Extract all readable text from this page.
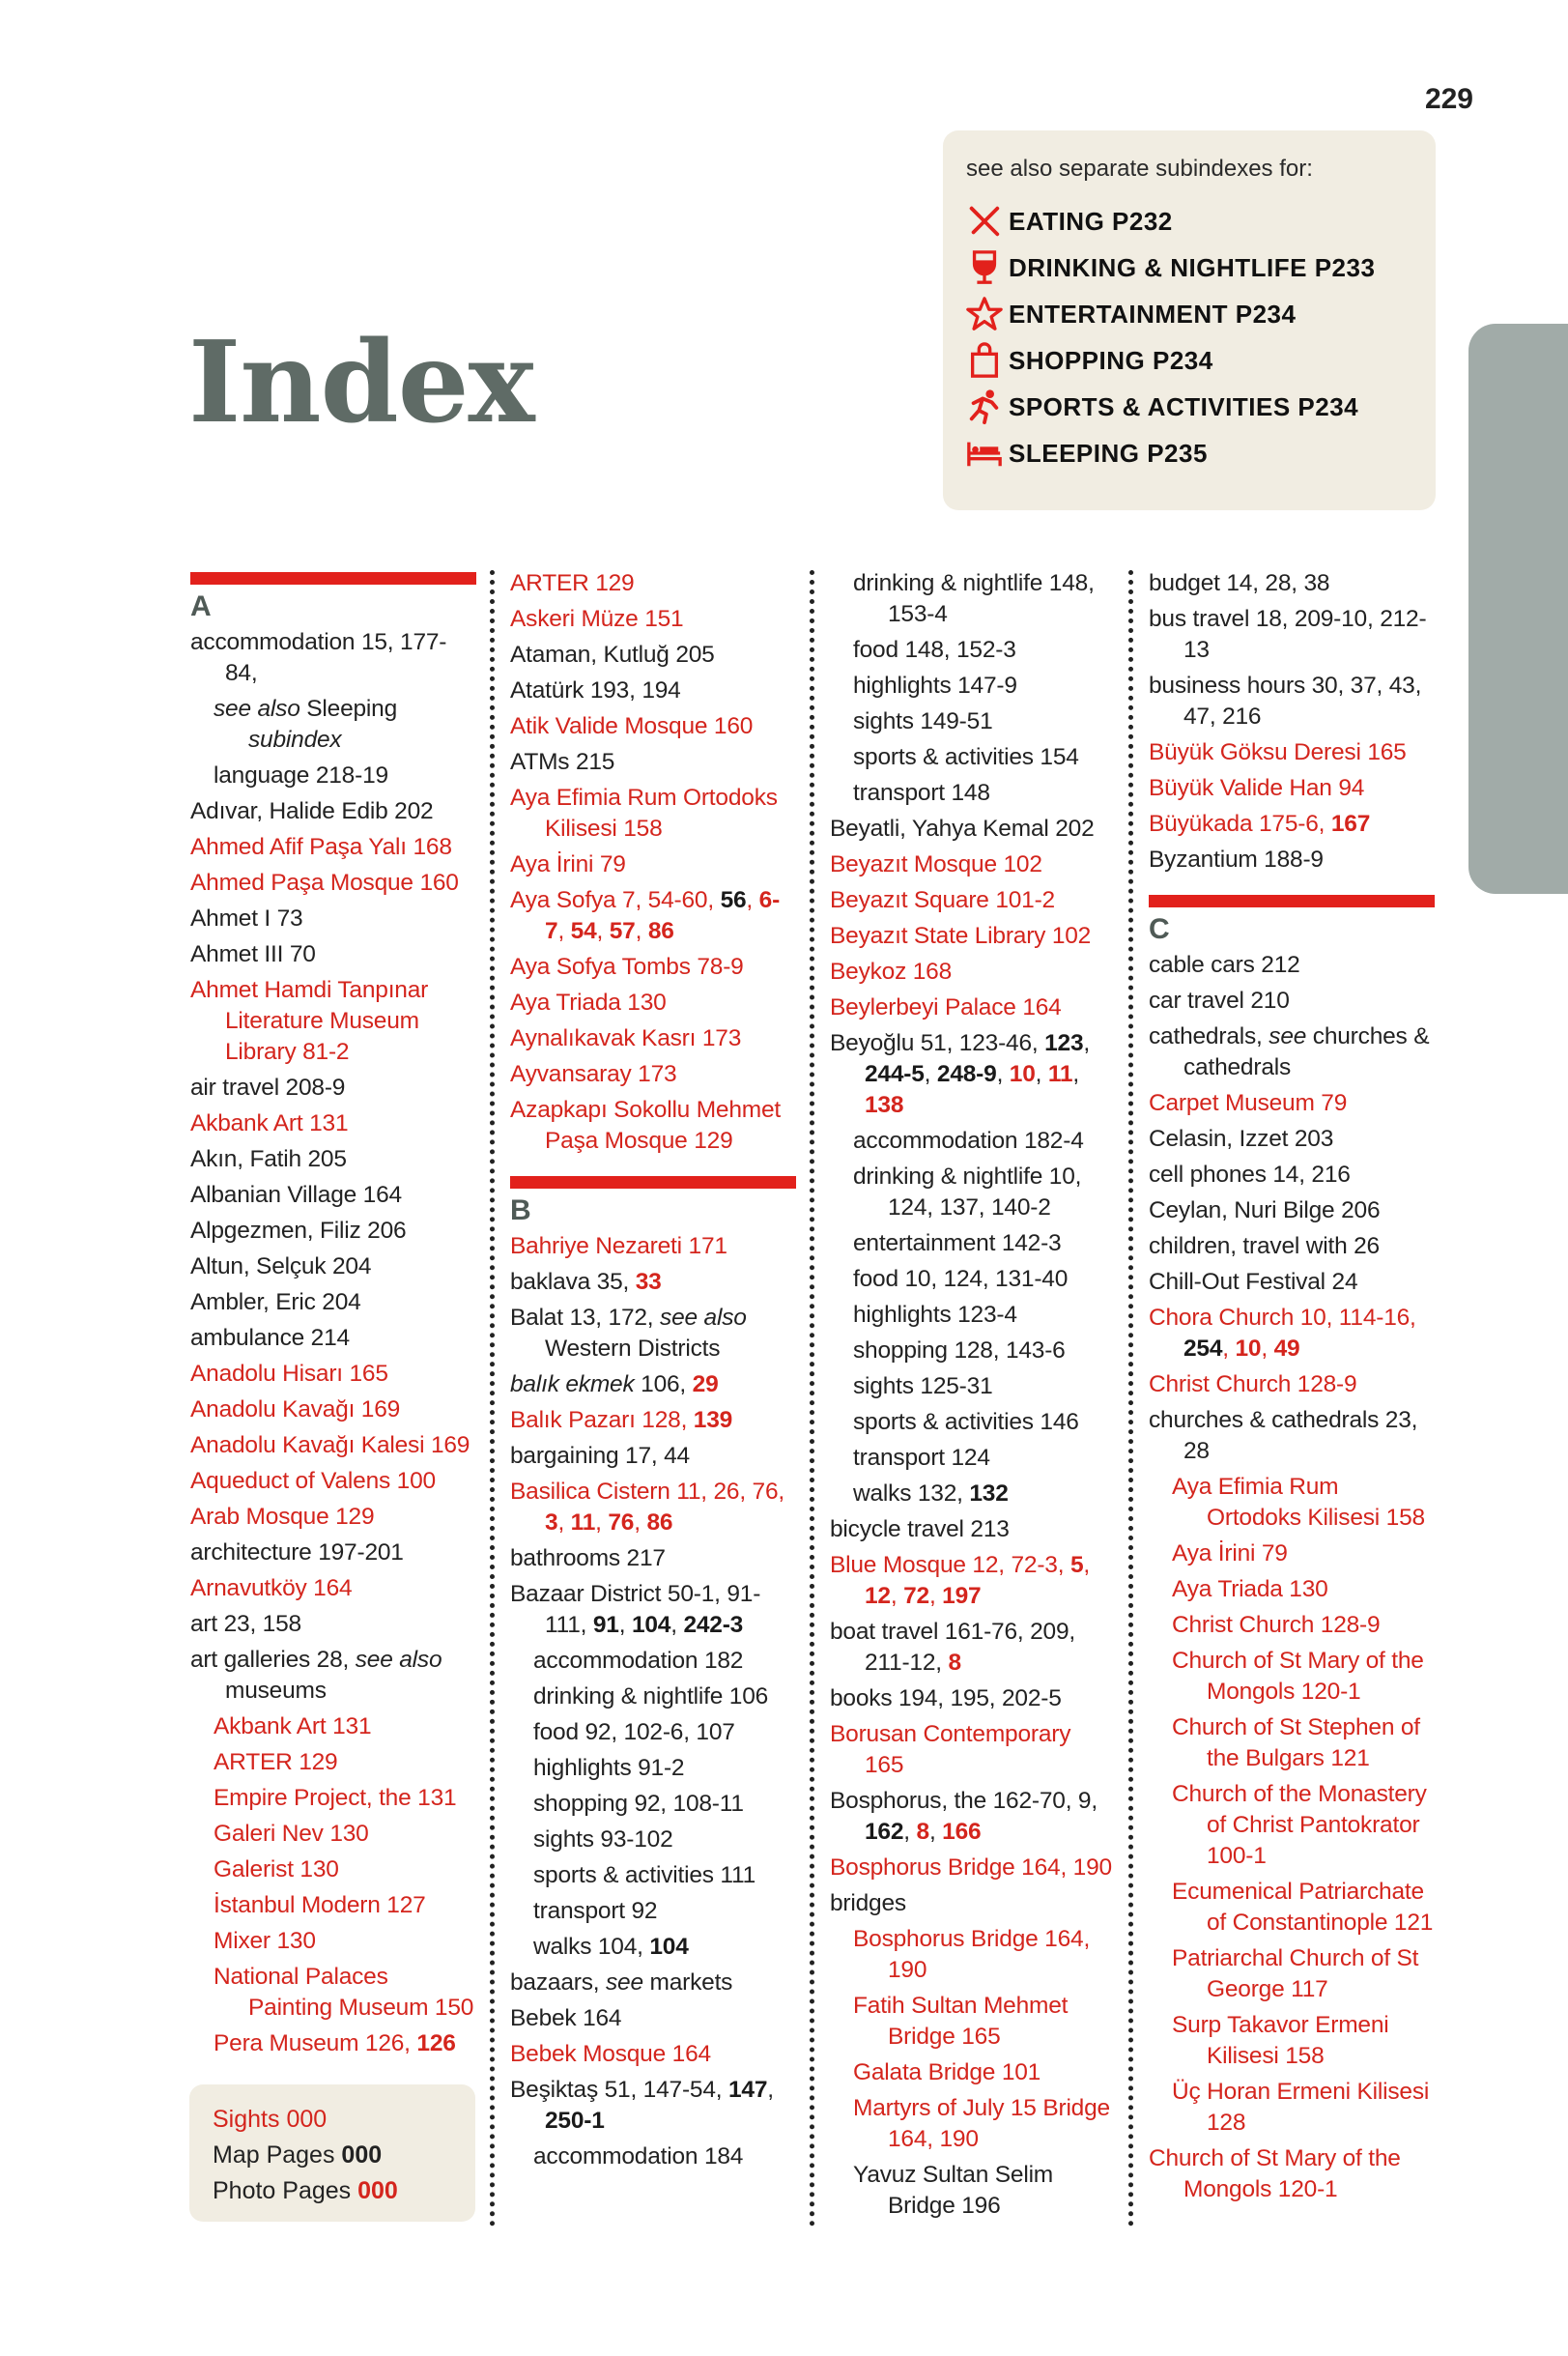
229
Index
see also separate subindexes for:
EATING P232
DRINKING & NIGHTLIFE P233
ENTERTAINMENT P234
SHOPPING P234
SPORTS & ACTIVITIES P234
SLEEPING P235
A
accommodation 15, 177-84,
see also Sleeping subindex
language 218-19
Adıvar, Halide Edib 202
Ahmed Afif Paşa Yalı 168
Ahmed Paşa Mosque 160
Ahmet I 73
Ahmet III 70
Ahmet Hamdi Tanpınar Literature Museum Library 81-2
air travel 208-9
Akbank Art 131
Akın, Fatih 205
Albanian Village 164
Alpgezmen, Filiz 206
Altun, Selçuk 204
Ambler, Eric 204
ambulance 214
Anadolu Hisarı 165
Anadolu Kavağı 169
Anadolu Kavağı Kalesi 169
Aqueduct of Valens 100
Arab Mosque 129
architecture 197-201
Arnavutköy 164
art 23, 158
art galleries 28, see also museums
Akbank Art 131
ARTER 129
Empire Project, the 131
Galeri Nev 130
Galerist 130
İstanbul Modern 127
Mixer 130
National Palaces Painting Museum 150
Pera Museum 126, 126
ARTER 129
Askeri Müze 151
Ataman, Kutluğ 205
Atatürk 193, 194
Atik Valide Mosque 160
ATMs 215
Aya Efimia Rum Ortodoks Kilisesi 158
Aya İrini 79
Aya Sofya 7, 54-60, 56, 6-7, 54, 57, 86
Aya Sofya Tombs 78-9
Aya Triada 130
Aynalıkavak Kasrı 173
Ayvansaray 173
Azapkapı Sokollu Mehmet Paşa Mosque 129
B
Bahriye Nezareti 171
baklava 35, 33
Balat 13, 172, see also Western Districts
balık ekmek 106, 29
Balık Pazarı 128, 139
bargaining 17, 44
Basilica Cistern 11, 26, 76, 3, 11, 76, 86
bathrooms 217
Bazaar District 50-1, 91-111, 91, 104, 242-3
accommodation 182
drinking & nightlife 106
food 92, 102-6, 107
highlights 91-2
shopping 92, 108-11
sights 93-102
sports & activities 111
transport 92
walks 104, 104
bazaars, see markets
Bebek 164
Bebek Mosque 164
Beşiktaş 51, 147-54, 147, 250-1
accommodation 184
drinking & nightlife 148, 153-4
food 148, 152-3
highlights 147-9
sights 149-51
sports & activities 154
transport 148
Beyatli, Yahya Kemal 202
Beyazıt Mosque 102
Beyazıt Square 101-2
Beyazıt State Library 102
Beykoz 168
Beylerbeyi Palace 164
Beyoğlu 51, 123-46, 123, 244-5, 248-9, 10, 11, 138
accommodation 182-4
drinking & nightlife 10, 124, 137, 140-2
entertainment 142-3
food 10, 124, 131-40
highlights 123-4
shopping 128, 143-6
sights 125-31
sports & activities 146
transport 124
walks 132, 132
bicycle travel 213
Blue Mosque 12, 72-3, 5, 12, 72, 197
boat travel 161-76, 209, 211-12, 8
books 194, 195, 202-5
Borusan Contemporary 165
Bosphorus, the 162-70, 9, 162, 8, 166
Bosphorus Bridge 164, 190
bridges
Bosphorus Bridge 164, 190
Fatih Sultan Mehmet Bridge 165
Galata Bridge 101
Martyrs of July 15 Bridge 164, 190
Yavuz Sultan Selim Bridge 196
budget 14, 28, 38
bus travel 18, 209-10, 212-13
business hours 30, 37, 43, 47, 216
Büyük Göksu Deresi 165
Büyük Valide Han 94
Büyükada 175-6, 167
Byzantium 188-9
C
cable cars 212
car travel 210
cathedrals, see churches & cathedrals
Carpet Museum 79
Celasin, Izzet 203
cell phones 14, 216
Ceylan, Nuri Bilge 206
children, travel with 26
Chill-Out Festival 24
Chora Church 10, 114-16, 254, 10, 49
Christ Church 128-9
churches & cathedrals 23, 28
Aya Efimia Rum Ortodoks Kilisesi 158
Aya İrini 79
Aya Triada 130
Christ Church 128-9
Church of St Mary of the Mongols 120-1
Church of St Stephen of the Bulgars 121
Church of the Monastery of Christ Pantokrator 100-1
Ecumenical Patriarchate of Constantinople 121
Patriarchal Church of St George 117
Surp Takavor Ermeni Kilisesi 158
Üç Horan Ermeni Kilisesi 128
Church of St Mary of the Mongols 120-1
Sights 000
Map Pages 000
Photo Pages 000
